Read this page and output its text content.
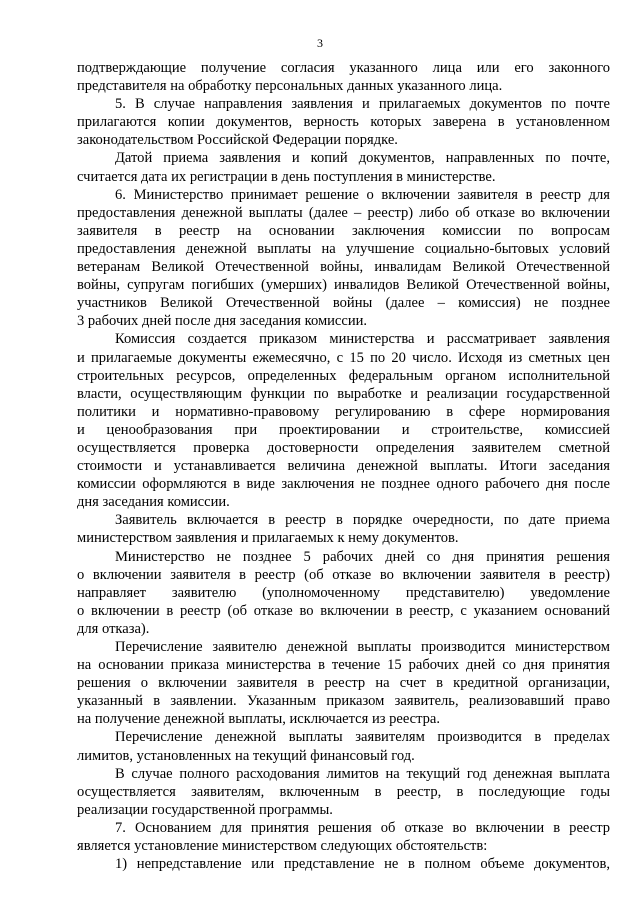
3
подтверждающие получение согласия указанного лица или его законного
представителя на обработку персональных данных указанного лица.
5. В случае направления заявления и прилагаемых документов по почте
прилагаются копии документов, верность которых заверена в установленном
законодательством Российской Федерации порядке.
Датой приема заявления и копий документов, направленных по почте,
считается дата их регистрации в день поступления в министерстве.
6. Министерство принимает решение о включении заявителя в реестр для
предоставления денежной выплаты (далее – реестр) либо об отказе во включении
заявителя в реестр на основании заключения комиссии по вопросам
предоставления денежной выплаты на улучшение социально-бытовых условий
ветеранам Великой Отечественной войны, инвалидам Великой Отечественной
войны, супругам погибших (умерших) инвалидов Великой Отечественной войны,
участников Великой Отечественной войны (далее – комиссия) не позднее
3 рабочих дней после дня заседания комиссии.
Комиссия создается приказом министерства и рассматривает заявления
и прилагаемые документы ежемесячно, с 15 по 20 число. Исходя из сметных цен
строительных ресурсов, определенных федеральным органом исполнительной
власти, осуществляющим функции по выработке и реализации государственной
политики и нормативно-правовому регулированию в сфере нормирования
и ценообразования при проектировании и строительстве, комиссией
осуществляется проверка достоверности определения заявителем сметной
стоимости и устанавливается величина денежной выплаты. Итоги заседания
комиссии оформляются в виде заключения не позднее одного рабочего дня после
дня заседания комиссии.
Заявитель включается в реестр в порядке очередности, по дате приема
министерством заявления и прилагаемых к нему документов.
Министерство не позднее 5 рабочих дней со дня принятия решения
о включении заявителя в реестр (об отказе во включении заявителя в реестр)
направляет заявителю (уполномоченному представителю) уведомление
о включении в реестр (об отказе во включении в реестр, с указанием оснований
для отказа).
Перечисление заявителю денежной выплаты производится министерством
на основании приказа министерства в течение 15 рабочих дней со дня принятия
решения о включении заявителя в реестр на счет в кредитной организации,
указанный в заявлении. Указанным приказом заявитель, реализовавший право
на получение денежной выплаты, исключается из реестра.
Перечисление денежной выплаты заявителям производится в пределах
лимитов, установленных на текущий финансовый год.
В случае полного расходования лимитов на текущий год денежная выплата
осуществляется заявителям, включенным в реестр, в последующие годы
реализации государственной программы.
7. Основанием для принятия решения об отказе во включении в реестр
является установление министерством следующих обстоятельств:
1) непредставление или представление не в полном объеме документов,
